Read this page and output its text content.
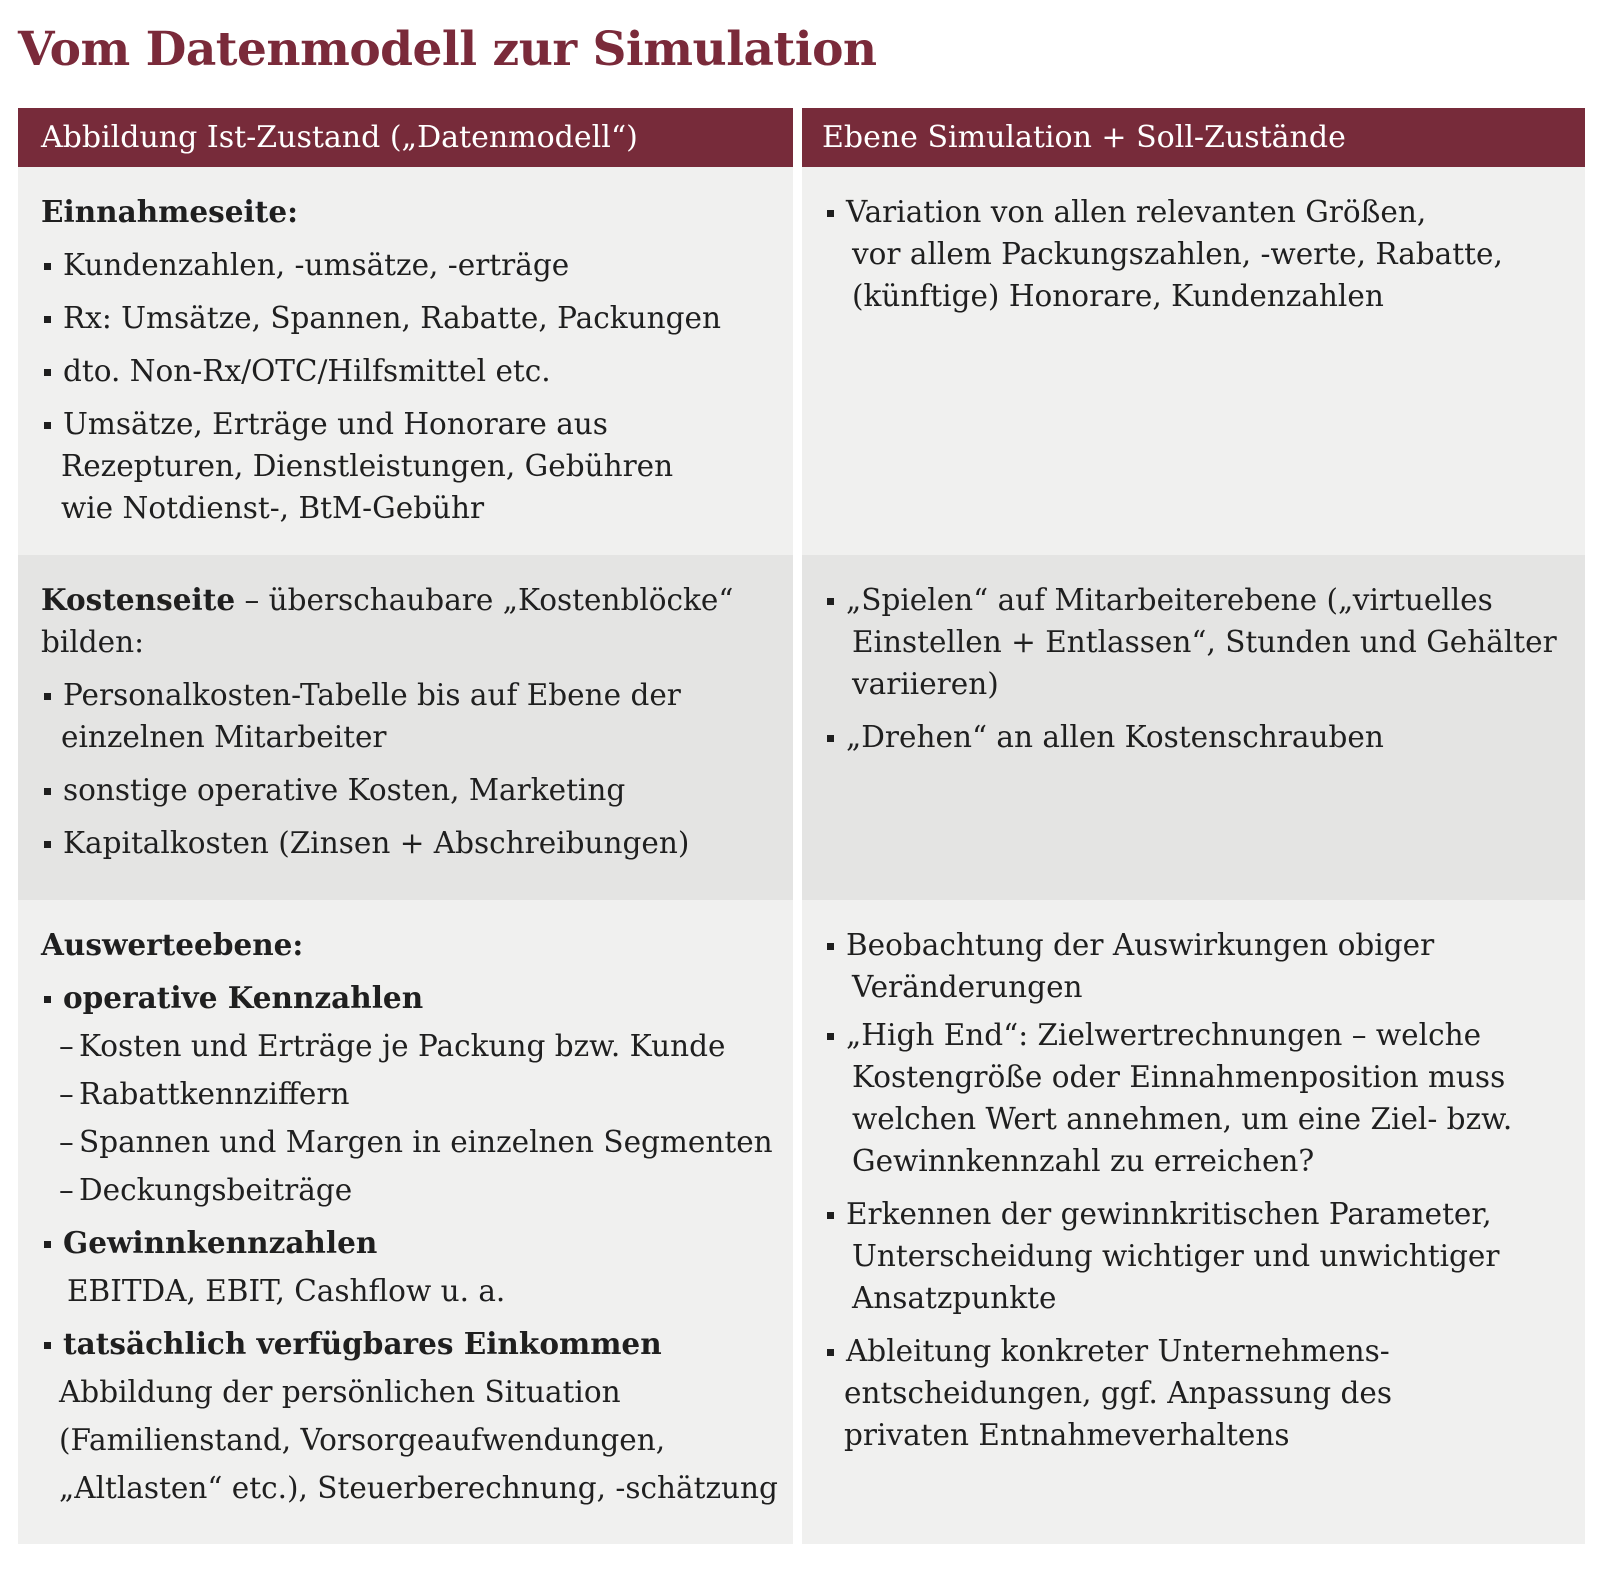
Vom Datenmodell zur Simulation
Abbildung Ist-Zustand („Datenmodell“)	Ebene Simulation + Soll-Zustände

Einnahmeseite:

Kundenzahlen, -umsätze, -erträge

Rx: Umsätze, Spannen, Rabatte, Packungen

dto. Non-Rx/OTC/Hilfsmittel etc.

Umsätze, Erträge und Honorare aus

Rezepturen, Dienstleistungen, Gebühren

wie Notdienst-, BtM-Gebühr

Variation von allen relevanten Größen,

vor allem Packungszahlen, -werte, Rabatte,

(künftige) Honorare, Kundenzahlen

Kostenseite – überschaubare „Kostenblöcke“

bilden:

Personalkosten-Tabelle bis auf Ebene der

einzelnen Mitarbeiter

sonstige operative Kosten, Marketing

Kapitalkosten (Zinsen + Abschreibungen)

„Spielen“ auf Mitarbeiterebene („virtuelles

Einstellen + Entlassen“, Stunden und Gehälter

variieren)

„Drehen“ an allen Kostenschrauben

Auswerteebene:

operative Kennzahlen

– Kosten und Erträge je Packung bzw. Kunde

– Rabattkennziffern

– Spannen und Margen in einzelnen Segmenten

– Deckungsbeiträge

Gewinnkennzahlen

EBITDA, EBIT, Cashflow u. a.

tatsächlich verfügbares Einkommen

Abbildung der persönlichen Situation

(Familienstand, Vorsorgeaufwendungen,

„Altlasten“ etc.), Steuerberechnung, -schätzung

Beobachtung der Auswirkungen obiger

Veränderungen

„High End“: Zielwertrechnungen – welche

Kostengröße oder Einnahmenposition muss

welchen Wert annehmen, um eine Ziel- bzw.

Gewinnkennzahl zu erreichen?

Erkennen der gewinnkritischen Parameter,

Unterscheidung wichtiger und unwichtiger

Ansatzpunkte

Ableitung konkreter Unternehmens-

entscheidungen, ggf. Anpassung des

privaten Entnahmeverhaltens
